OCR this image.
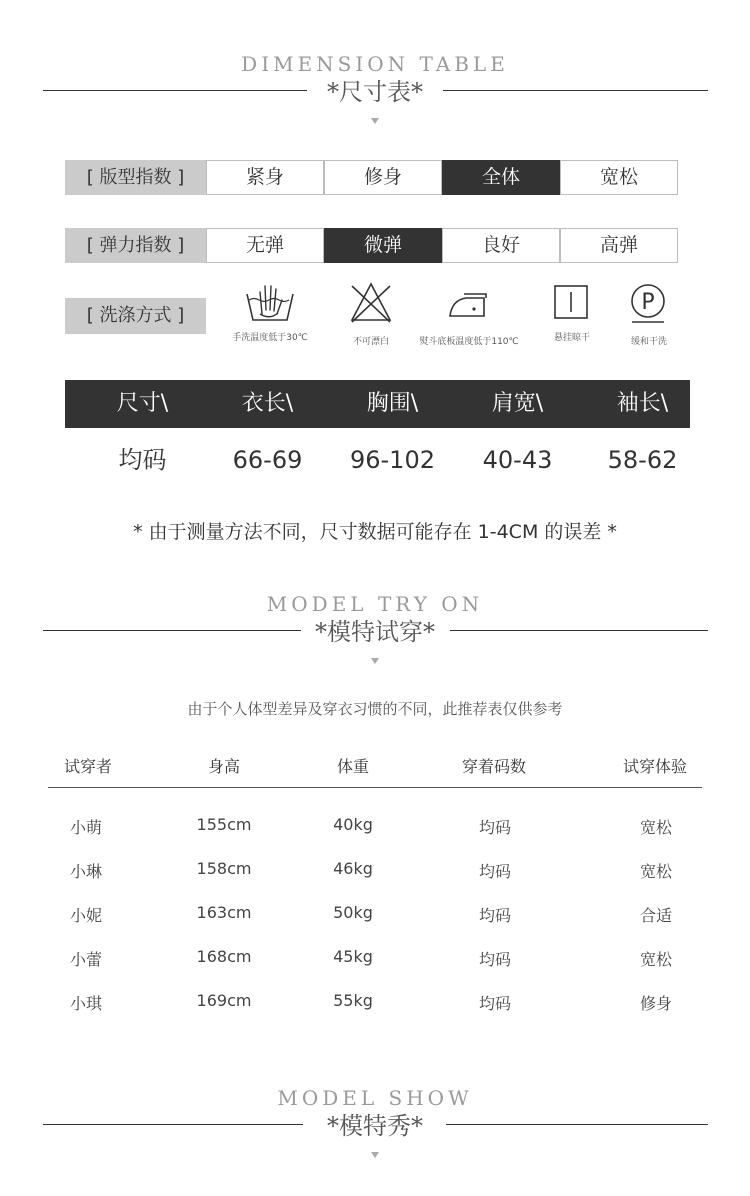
DIMENSION TABLE
*尺寸表*
[ 版型指数 ]	紧身	修身	全体	宽松
[ 弹力指数 ]	无弹	微弹	良好	高弹
[ 洗涤方式 ]
手洗温度低于30℃	不可漂白	熨斗底板温度低于110℃	悬挂晾干
P
缓和干洗
尺寸\	衣长\	胸围\	肩宽\	袖长\
均码	66-69	96-102	40-43	58-62
* 由于测量方法不同，尺寸数据可能存在 1-4CM 的误差 *
MODEL TRY ON
*模特试穿*
由于个人体型差异及穿衣习惯的不同，此推荐表仅供参考
试穿者	身高	体重	穿着码数	试穿体验
小萌	155cm	40kg	均码	宽松
小琳	158cm	46kg	均码	宽松
小妮	163cm	50kg	均码	合适
小蕾	168cm	45kg	均码	宽松
小琪	169cm	55kg	均码	修身
MODEL SHOW
*模特秀*
